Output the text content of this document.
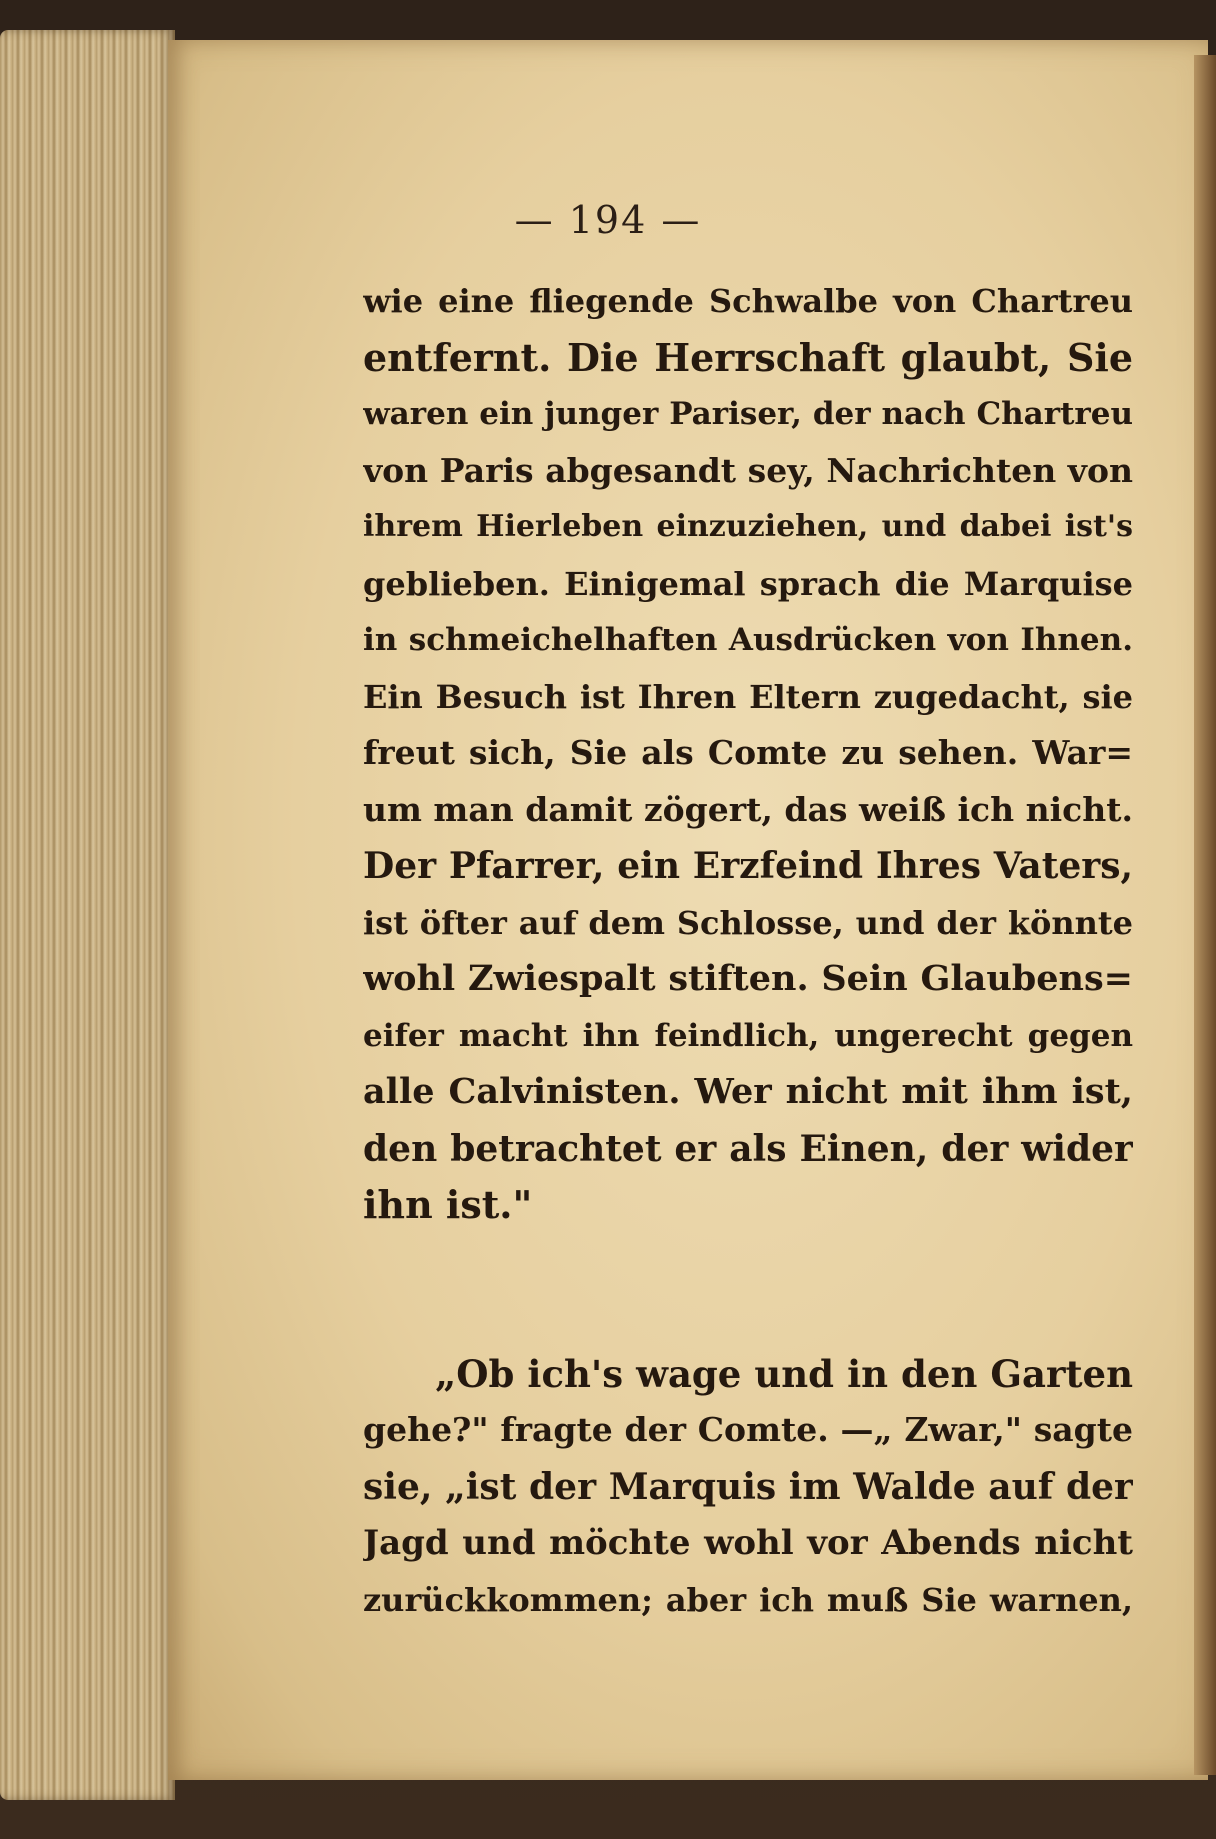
— 194 —
wie eine fliegende Schwalbe von Chartreu
entfernt. Die Herrschaft glaubt, Sie
waren ein junger Pariser, der nach Chartreu
von Paris abgesandt sey, Nachrichten von
ihrem Hierleben einzuziehen, und dabei ist's
geblieben. Einigemal sprach die Marquise
in schmeichelhaften Ausdrücken von Ihnen.
Ein Besuch ist Ihren Eltern zugedacht, sie
freut sich, Sie als Comte zu sehen. War=
um man damit zögert, das weiß ich nicht.
Der Pfarrer, ein Erzfeind Ihres Vaters,
ist öfter auf dem Schlosse, und der könnte
wohl Zwiespalt stiften. Sein Glaubens=
eifer macht ihn feindlich, ungerecht gegen
alle Calvinisten. Wer nicht mit ihm ist,
den betrachtet er als Einen, der wider
ihn ist."
„Ob ich's wage und in den Garten
gehe?" fragte der Comte. —„ Zwar," sagte
sie, „ist der Marquis im Walde auf der
Jagd und möchte wohl vor Abends nicht
zurückkommen; aber ich muß Sie warnen,
